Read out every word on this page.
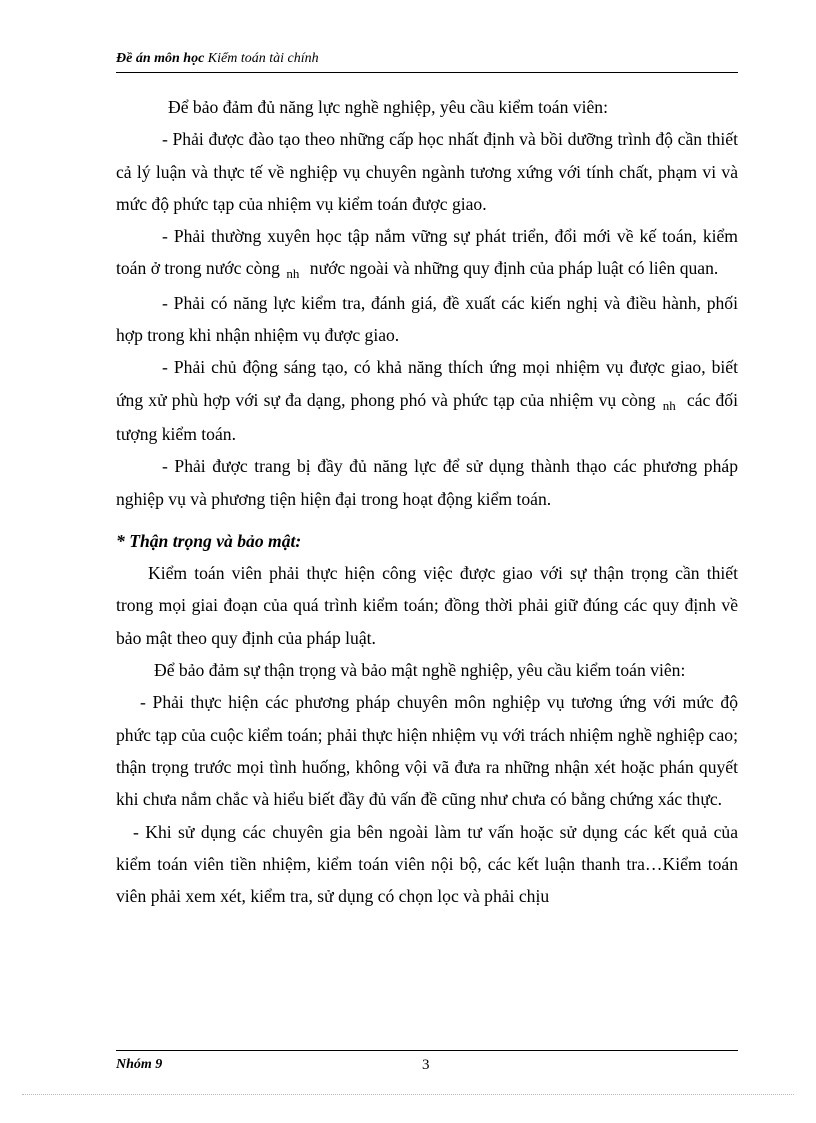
Đề án môn học Kiểm toán tài chính

Để bảo đảm đủ năng lực nghề nghiệp, yêu cầu kiểm toán viên:

- Phải được đào tạo theo những cấp học nhất định và bồi dưỡng trình độ cần thiết cả lý luận và thực tế về nghiệp vụ chuyên ngành tương xứng với tính chất, phạm vi và mức độ phức tạp của nhiệm vụ kiểm toán được giao.

- Phải thường xuyên học tập nắm vững sự phát triển, đổi mới về kế toán, kiểm toán ở trong nước còng $_{nh}$ nước ngoài và những quy định của pháp luật có liên quan.

- Phải có năng lực kiểm tra, đánh giá, đề xuất các kiến nghị và điều hành, phối hợp trong khi nhận nhiệm vụ được giao.

- Phải chủ động sáng tạo, có khả năng thích ứng mọi nhiệm vụ được giao, biết ứng xử phù hợp với sự đa dạng, phong phó và phức tạp của nhiệm vụ còng $_{nh}$ các đối tượng kiểm toán.

- Phải được trang bị đầy đủ năng lực để sử dụng thành thạo các phương pháp nghiệp vụ và phương tiện hiện đại trong hoạt động kiểm toán.

* Thận trọng và bảo mật:

Kiểm toán viên phải thực hiện công việc được giao với sự thận trọng cần thiết trong mọi giai đoạn của quá trình kiểm toán; đồng thời phải giữ đúng các quy định về bảo mật theo quy định của pháp luật.

Để bảo đảm sự thận trọng và bảo mật nghề nghiệp, yêu cầu kiểm toán viên:

- Phải thực hiện các phương pháp chuyên môn nghiệp vụ tương ứng với mức độ phức tạp của cuộc kiểm toán; phải thực hiện nhiệm vụ với trách nhiệm nghề nghiệp cao; thận trọng trước mọi tình huống, không vội vã đưa ra những nhận xét hoặc phán quyết khi chưa nắm chắc và hiểu biết đầy đủ vấn đề cũng như chưa có bằng chứng xác thực.

- Khi sử dụng các chuyên gia bên ngoài làm tư vấn hoặc sử dụng các kết quả của kiểm toán viên tiền nhiệm, kiểm toán viên nội bộ, các kết luận thanh tra…Kiểm toán viên phải xem xét, kiểm tra, sử dụng có chọn lọc và phải chịu

Nhóm 9	3
